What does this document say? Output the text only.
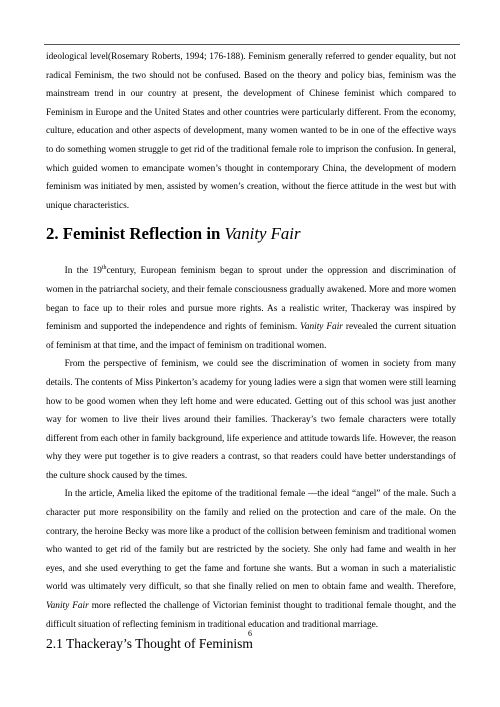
ideological level(Rosemary Roberts, 1994; 176-188). Feminism generally referred to gender equality, but not radical Feminism, the two should not be confused. Based on the theory and policy bias, feminism was the mainstream trend in our country at present, the development of Chinese feminist which compared to Feminism in Europe and the United States and other countries were particularly different. From the economy, culture, education and other aspects of development, many women wanted to be in one of the effective ways to do something women struggle to get rid of the traditional female role to imprison the confusion. In general, which guided women to emancipate women’s thought in contemporary China, the development of modern feminism was initiated by men, assisted by women’s creation, without the fierce attitude in the west but with unique characteristics.

2. Feminist Reflection in Vanity Fair

In the 19thcentury, European feminism began to sprout under the oppression and discrimination of women in the patriarchal society, and their female consciousness gradually awakened. More and more women began to face up to their roles and pursue more rights. As a realistic writer, Thackeray was inspired by feminism and supported the independence and rights of feminism. Vanity Fair revealed the current situation of feminism at that time, and the impact of feminism on traditional women.

From the perspective of feminism, we could see the discrimination of women in society from many details. The contents of Miss Pinkerton’s academy for young ladies were a sign that women were still learning how to be good women when they left home and were educated. Getting out of this school was just another way for women to live their lives around their families. Thackeray’s two female characters were totally different from each other in family background, life experience and attitude towards life. However, the reason why they were put together is to give readers a contrast, so that readers could have better understandings of the culture shock caused by the times.

In the article, Amelia liked the epitome of the traditional female —the ideal “angel” of the male. Such a character put more responsibility on the family and relied on the protection and care of the male. On the contrary, the heroine Becky was more like a product of the collision between feminism and traditional women who wanted to get rid of the family but are restricted by the society. She only had fame and wealth in her eyes, and she used everything to get the fame and fortune she wants. But a woman in such a materialistic world was ultimately very difficult, so that she finally relied on men to obtain fame and wealth. Therefore, Vanity Fair more reflected the challenge of Victorian feminist thought to traditional female thought, and the difficult situation of reflecting feminism in traditional education and traditional marriage.

2.1 Thackeray’s Thought of Feminism
6
